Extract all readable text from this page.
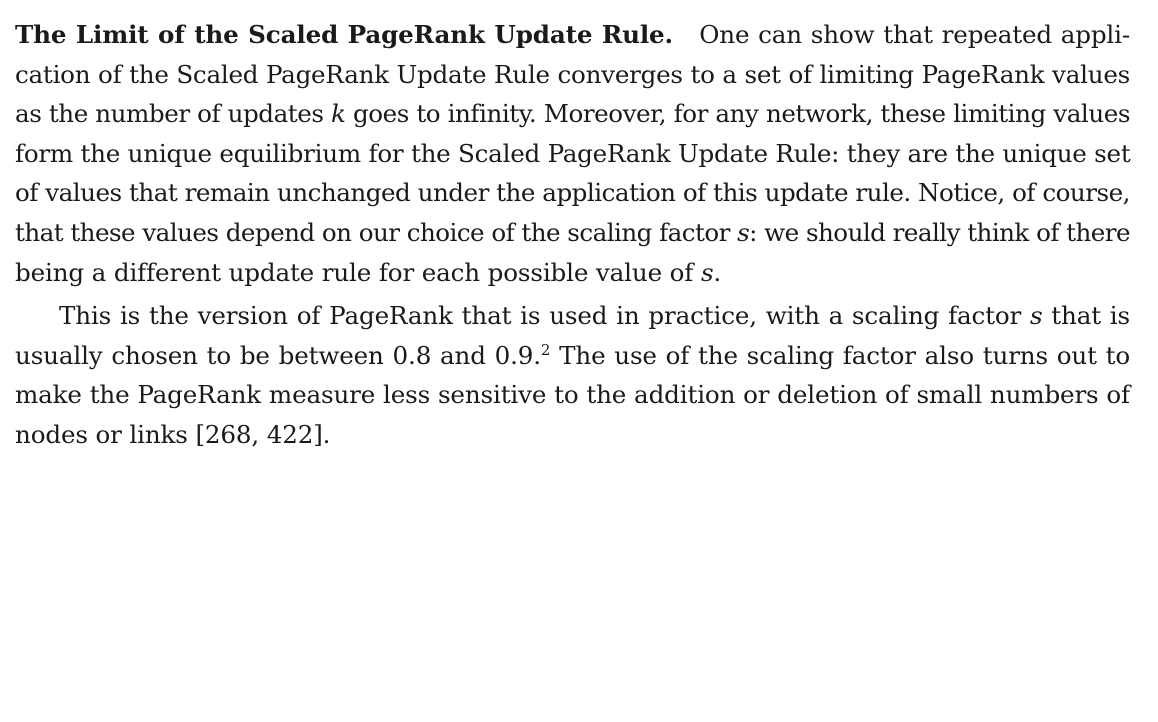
The Limit of the Scaled PageRank Update Rule. One can show that repeated appli-
cation of the Scaled PageRank Update Rule converges to a set of limiting PageRank values
as the number of updates k goes to infinity. Moreover, for any network, these limiting values
form the unique equilibrium for the Scaled PageRank Update Rule: they are the unique set
of values that remain unchanged under the application of this update rule. Notice, of course,
that these values depend on our choice of the scaling factor s: we should really think of there
being a different update rule for each possible value of s.

This is the version of PageRank that is used in practice, with a scaling factor s that is
usually chosen to be between 0.8 and 0.9.$^2$ The use of the scaling factor also turns out to
make the PageRank measure less sensitive to the addition or deletion of small numbers of
nodes or links [268, 422].
